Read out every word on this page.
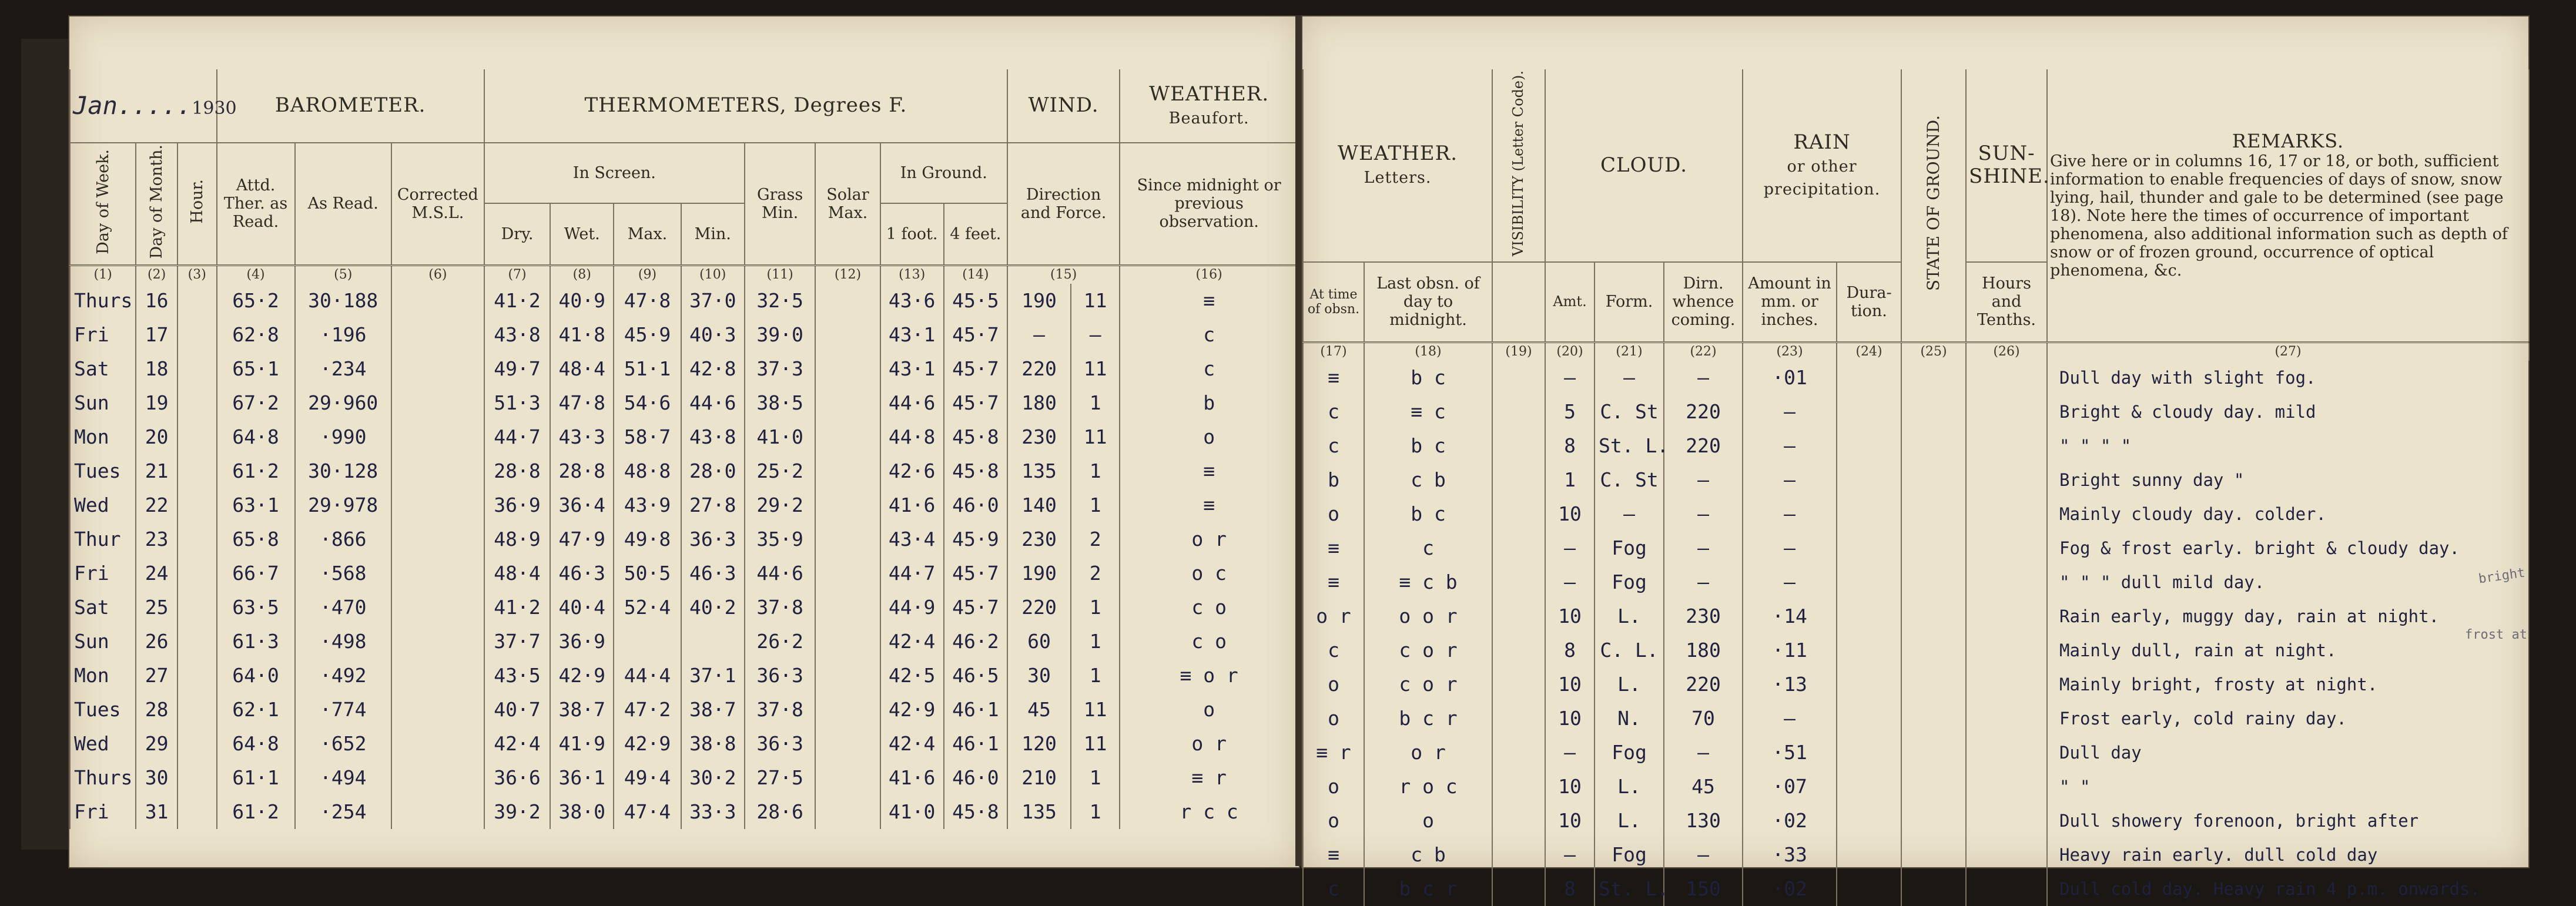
Jan.....1930			BAROMETER.			THERMOMETERS, Degrees F.								WIND.		WEATHER.
Beaufort.
Day of Week.	Day of Month.	Hour.	Attd. Ther. as Read.	As Read.	Corrected M.S.L.	In Screen.				Grass Min.	Solar Max.	In Ground.		Direction and Force.		Since midnight or previous observation.
						Dry.	Wet.	Max.	Min.			1 foot.	4 feet.			
(1)	(2)	(3)	(4)	(5)	(6)	(7)	(8)	(9)	(10)	(11)	(12)	(13)	(14)	(15)		(16)
Thurs	16		65·2	30·188		41·2	40·9	47·8	37·0	32·5		43·6	45·5	190	11	≡
Fri	17		62·8	·196		43·8	41·8	45·9	40·3	39·0		43·1	45·7	–	–	c
Sat	18		65·1	·234		49·7	48·4	51·1	42·8	37·3		43·1	45·7	220	11	c
Sun	19		67·2	29·960		51·3	47·8	54·6	44·6	38·5		44·6	45·7	180	1	b
Mon	20		64·8	·990		44·7	43·3	58·7	43·8	41·0		44·8	45·8	230	11	o
Tues	21		61·2	30·128		28·8	28·8	48·8	28·0	25·2		42·6	45·8	135	1	≡
Wed	22		63·1	29·978		36·9	36·4	43·9	27·8	29·2		41·6	46·0	140	1	≡
Thur	23		65·8	·866		48·9	47·9	49·8	36·3	35·9		43·4	45·9	230	2	o r
Fri	24		66·7	·568		48·4	46·3	50·5	46·3	44·6		44·7	45·7	190	2	o c
Sat	25		63·5	·470		41·2	40·4	52·4	40·2	37·8		44·9	45·7	220	1	c o
Sun	26		61·3	·498		37·7	36·9			26·2		42·4	46·2	60	1	c o
Mon	27		64·0	·492		43·5	42·9	44·4	37·1	36·3		42·5	46·5	30	1	≡ o r
Tues	28		62·1	·774		40·7	38·7	47·2	38·7	37·8		42·9	46·1	45	11	o
Wed	29		64·8	·652		42·4	41·9	42·9	38·8	36·3		42·4	46·1	120	11	o r
Thurs	30		61·1	·494		36·6	36·1	49·4	30·2	27·5		41·6	46·0	210	1	≡ r
Fri	31		61·2	·254		39·2	38·0	47·4	33·3	28·6		41·0	45·8	135	1	r c c
WEATHER.
Letters.		VISIBILITY (Letter Code).	CLOUD.			RAIN
or other precipitation.		STATE OF GROUND.	SUN-SHINE.	REMARKS.
Give here or in columns 16, 17 or 18, or both, sufficient information to enable frequencies of days of snow, snow lying, hail, thunder and gale to be determined (see page 18). Note here the times of occurrence of important phenomena, also additional information such as depth of snow or of frozen ground, occurrence of optical phenomena, &c.

At time of obsn.	Last obsn. of day to midnight.		Amt.	Form.	Dirn. whence coming.	Amount in mm. or inches.	Dura-tion.		Hours and Tenths.	
(17)	(18)	(19)	(20)	(21)	(22)	(23)	(24)	(25)	(26)	(27)
≡	b c		–	–	–	·01				Dull day with slight fog.
c	≡ c		5	C. St	220	–				Bright & cloudy day. mild
c	b c		8	St. L.	220	–				" " " "
b	c b		1	C. St	–	–				Bright sunny day "
o	b c		10	–	–	–				Mainly cloudy day. colder.
≡	c		–	Fog	–	–				Fog & frost early. bright & cloudy day.
≡	≡ c b		–	Fog	–	–				" " " dull mild day.
o r	o o r		10	L.	230	·14				Rain early, muggy day, rain at night.
c	c o r		8	C. L.	180	·11				Mainly dull, rain at night.
o	c o r		10	L.	220	·13				Mainly bright, frosty at night.
o	b c r		10	N.	70	–				Frost early, cold rainy day.
≡ r	o r		–	Fog	–	·51				Dull day
o	r o c		10	L.	45	·07				" "
o	o		10	L.	130	·02				Dull showery forenoon, bright after
≡	c b		–	Fog	–	·33				Heavy rain early. dull cold day
c	b c r		8	St. L.	150	·02				Dull cold day. Heavy rain 4 p.m. onwards.
bright
frost at
